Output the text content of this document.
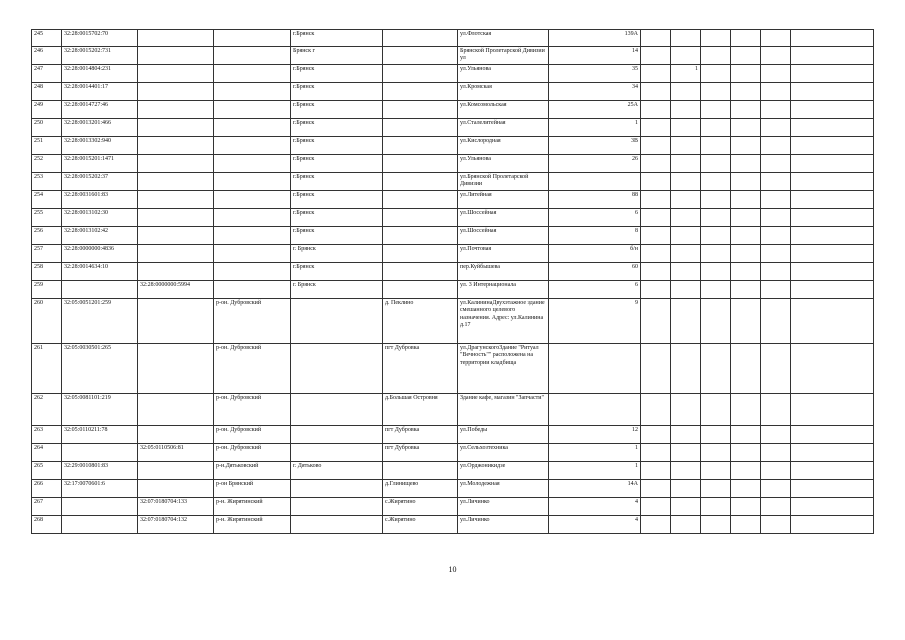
245	32:28:0015702:70			г.Брянск		ул.Флотская	139А						
246	32:28:0015202:731			Брянск г		Брянской Пролетарской Дивизии ул	14						
247	32:28:0014804:231			г.Брянск		ул.Ульянова	35		1				
248	32:28:0014401:17			г.Брянск		ул.Кромская	34						
249	32:28:0014727:46			г.Брянск		ул.Комсомольская	25А						
250	32:28:0013201:466			г.Брянск		ул.Сталелитейная	1						
251	32:28:0013302:940			г.Брянск		ул.Кислородная	3В						
252	32:28:0015201:1471			г.Брянск		ул.Ульянова	26						
253	32:28:0015202:37			г.Брянск		ул.Брянской Пролетарской Дивизии							
254	32:28:0031601:83			г.Брянск		ул.Литейная	88						
255	32:28:0013102:30			г.Брянск		ул.Шоссейная	6						
256	32:28:0013102:42			г.Брянск		ул.Шоссейная	8						
257	32:28:0000000:4836			г. Брянск		ул.Почтовая	б/н						
258	32:28:0014634:10			г.Брянск		пер.Куйбышева	60						
259		32:28:0000000:5994		г. Брянск		ул. 3 Интернационала	6						
260	32:05:0051201:259		р-он. Дубровский		д. Пеклино	ул.КалининаДвухэтажное здание смешанного целевого назначения. Адрес: ул.Калинина д.17	9						
261	32:05:0030501:265		р-он. Дубровский		пгт Дубровка	ул.ДрагунскогоЗдание "Ритуал "Вечность"" расположена на территории кладбища							
262	32:05:0081101:219		р-он. Дубровский		д.Большая Островня	Здание кафе, магазин "Запчасти"							
263	32:05:0110211:78		р-он. Дубровский		пгт Дубровка	ул.Победы	12						
264		32:05:0110506:81	р-он. Дубровский		пгт Дубровка	ул.Сельхозтехника	1						
265	32:29:0010801:83		р-н.Дятьковский	г. Дятьково		ул.Орджоникидзе	1						
266	32:17:0070601:6		р-он Брянский		д.Глинищево	ул.Молодежная	14А						
267		32:07:0180704:133	р-н. Жирятинский		с.Жирятино	ул.Личинко	4						
268		32:07:0180704:132	р-н. Жирятинский		с.Жирятино	ул.Личинко	4						
10
